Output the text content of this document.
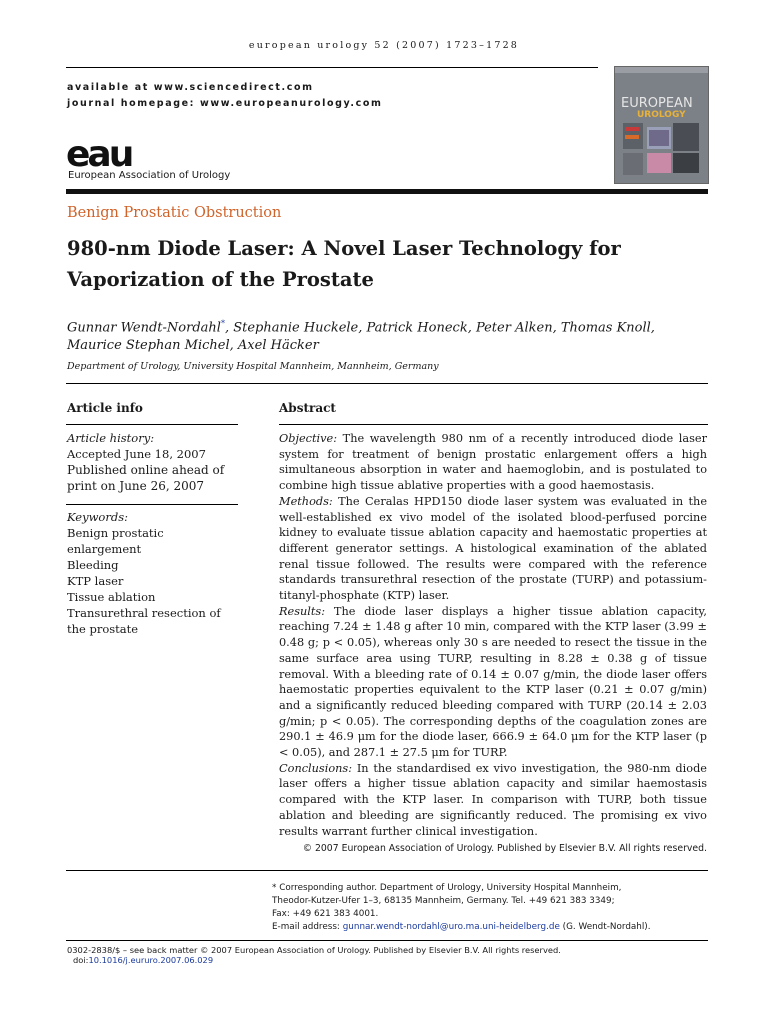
european urology 52 (2007) 1723–1728
available at www.sciencedirect.com
journal homepage: www.europeanurology.com
eau
European Association of Urology
EUROPEAN
UROLOGY
Benign Prostatic Obstruction
980-nm Diode Laser: A Novel Laser Technology for
Vaporization of the Prostate
Gunnar Wendt-Nordahl*, Stephanie Huckele, Patrick Honeck, Peter Alken, Thomas Knoll,
Maurice Stephan Michel, Axel Häcker
Department of Urology, University Hospital Mannheim, Mannheim, Germany
Article info	Abstract
Article history:
Accepted June 18, 2007
Published online ahead of
print on June 26, 2007
Keywords:
Benign prostatic
enlargement
Bleeding
KTP laser
Tissue ablation
Transurethral resection of
the prostate

Objective: The wavelength 980 nm of a recently introduced diode laser system for treatment of benign prostatic enlargement offers a high simultaneous absorption in water and haemoglobin, and is postulated to combine high tissue ablative properties with a good haemostasis.

Methods: The Ceralas HPD150 diode laser system was evaluated in the well-established ex vivo model of the isolated blood-perfused porcine kidney to evaluate tissue ablation capacity and haemostatic properties at different generator settings. A histological examination of the ablated renal tissue followed. The results were compared with the reference standards transurethral resection of the prostate (TURP) and potassium-titanyl-phosphate (KTP) laser.

Results: The diode laser displays a higher tissue ablation capacity, reaching 7.24 ± 1.48 g after 10 min, compared with the KTP laser (3.99 ± 0.48 g; p < 0.05), whereas only 30 s are needed to resect the tissue in the same surface area using TURP, resulting in 8.28 ± 0.38 g of tissue removal. With a bleeding rate of 0.14 ± 0.07 g/min, the diode laser offers haemostatic properties equivalent to the KTP laser (0.21 ± 0.07 g/min) and a significantly reduced bleeding compared with TURP (20.14 ± 2.03 g/min; p < 0.05). The corresponding depths of the coagulation zones are 290.1 ± 46.9 μm for the diode laser, 666.9 ± 64.0 μm for the KTP laser (p < 0.05), and 287.1 ± 27.5 μm for TURP.

Conclusions: In the standardised ex vivo investigation, the 980-nm diode laser offers a higher tissue ablation capacity and similar haemostasis compared with the KTP laser. In comparison with TURP, both tissue ablation and bleeding are significantly reduced. The promising ex vivo results warrant further clinical investigation.

© 2007 European Association of Urology. Published by Elsevier B.V. All rights reserved.

* Corresponding author. Department of Urology, University Hospital Mannheim,
Theodor-Kutzer-Ufer 1–3, 68135 Mannheim, Germany. Tel. +49 621 383 3349;
Fax: +49 621 383 4001.
E-mail address: gunnar.wendt-nordahl@uro.ma.uni-heidelberg.de (G. Wendt-Nordahl).
0302-2838/$ – see back matter © 2007 European Association of Urology. Published by Elsevier B.V. All rights reserved. doi:10.1016/j.eururo.2007.06.029
